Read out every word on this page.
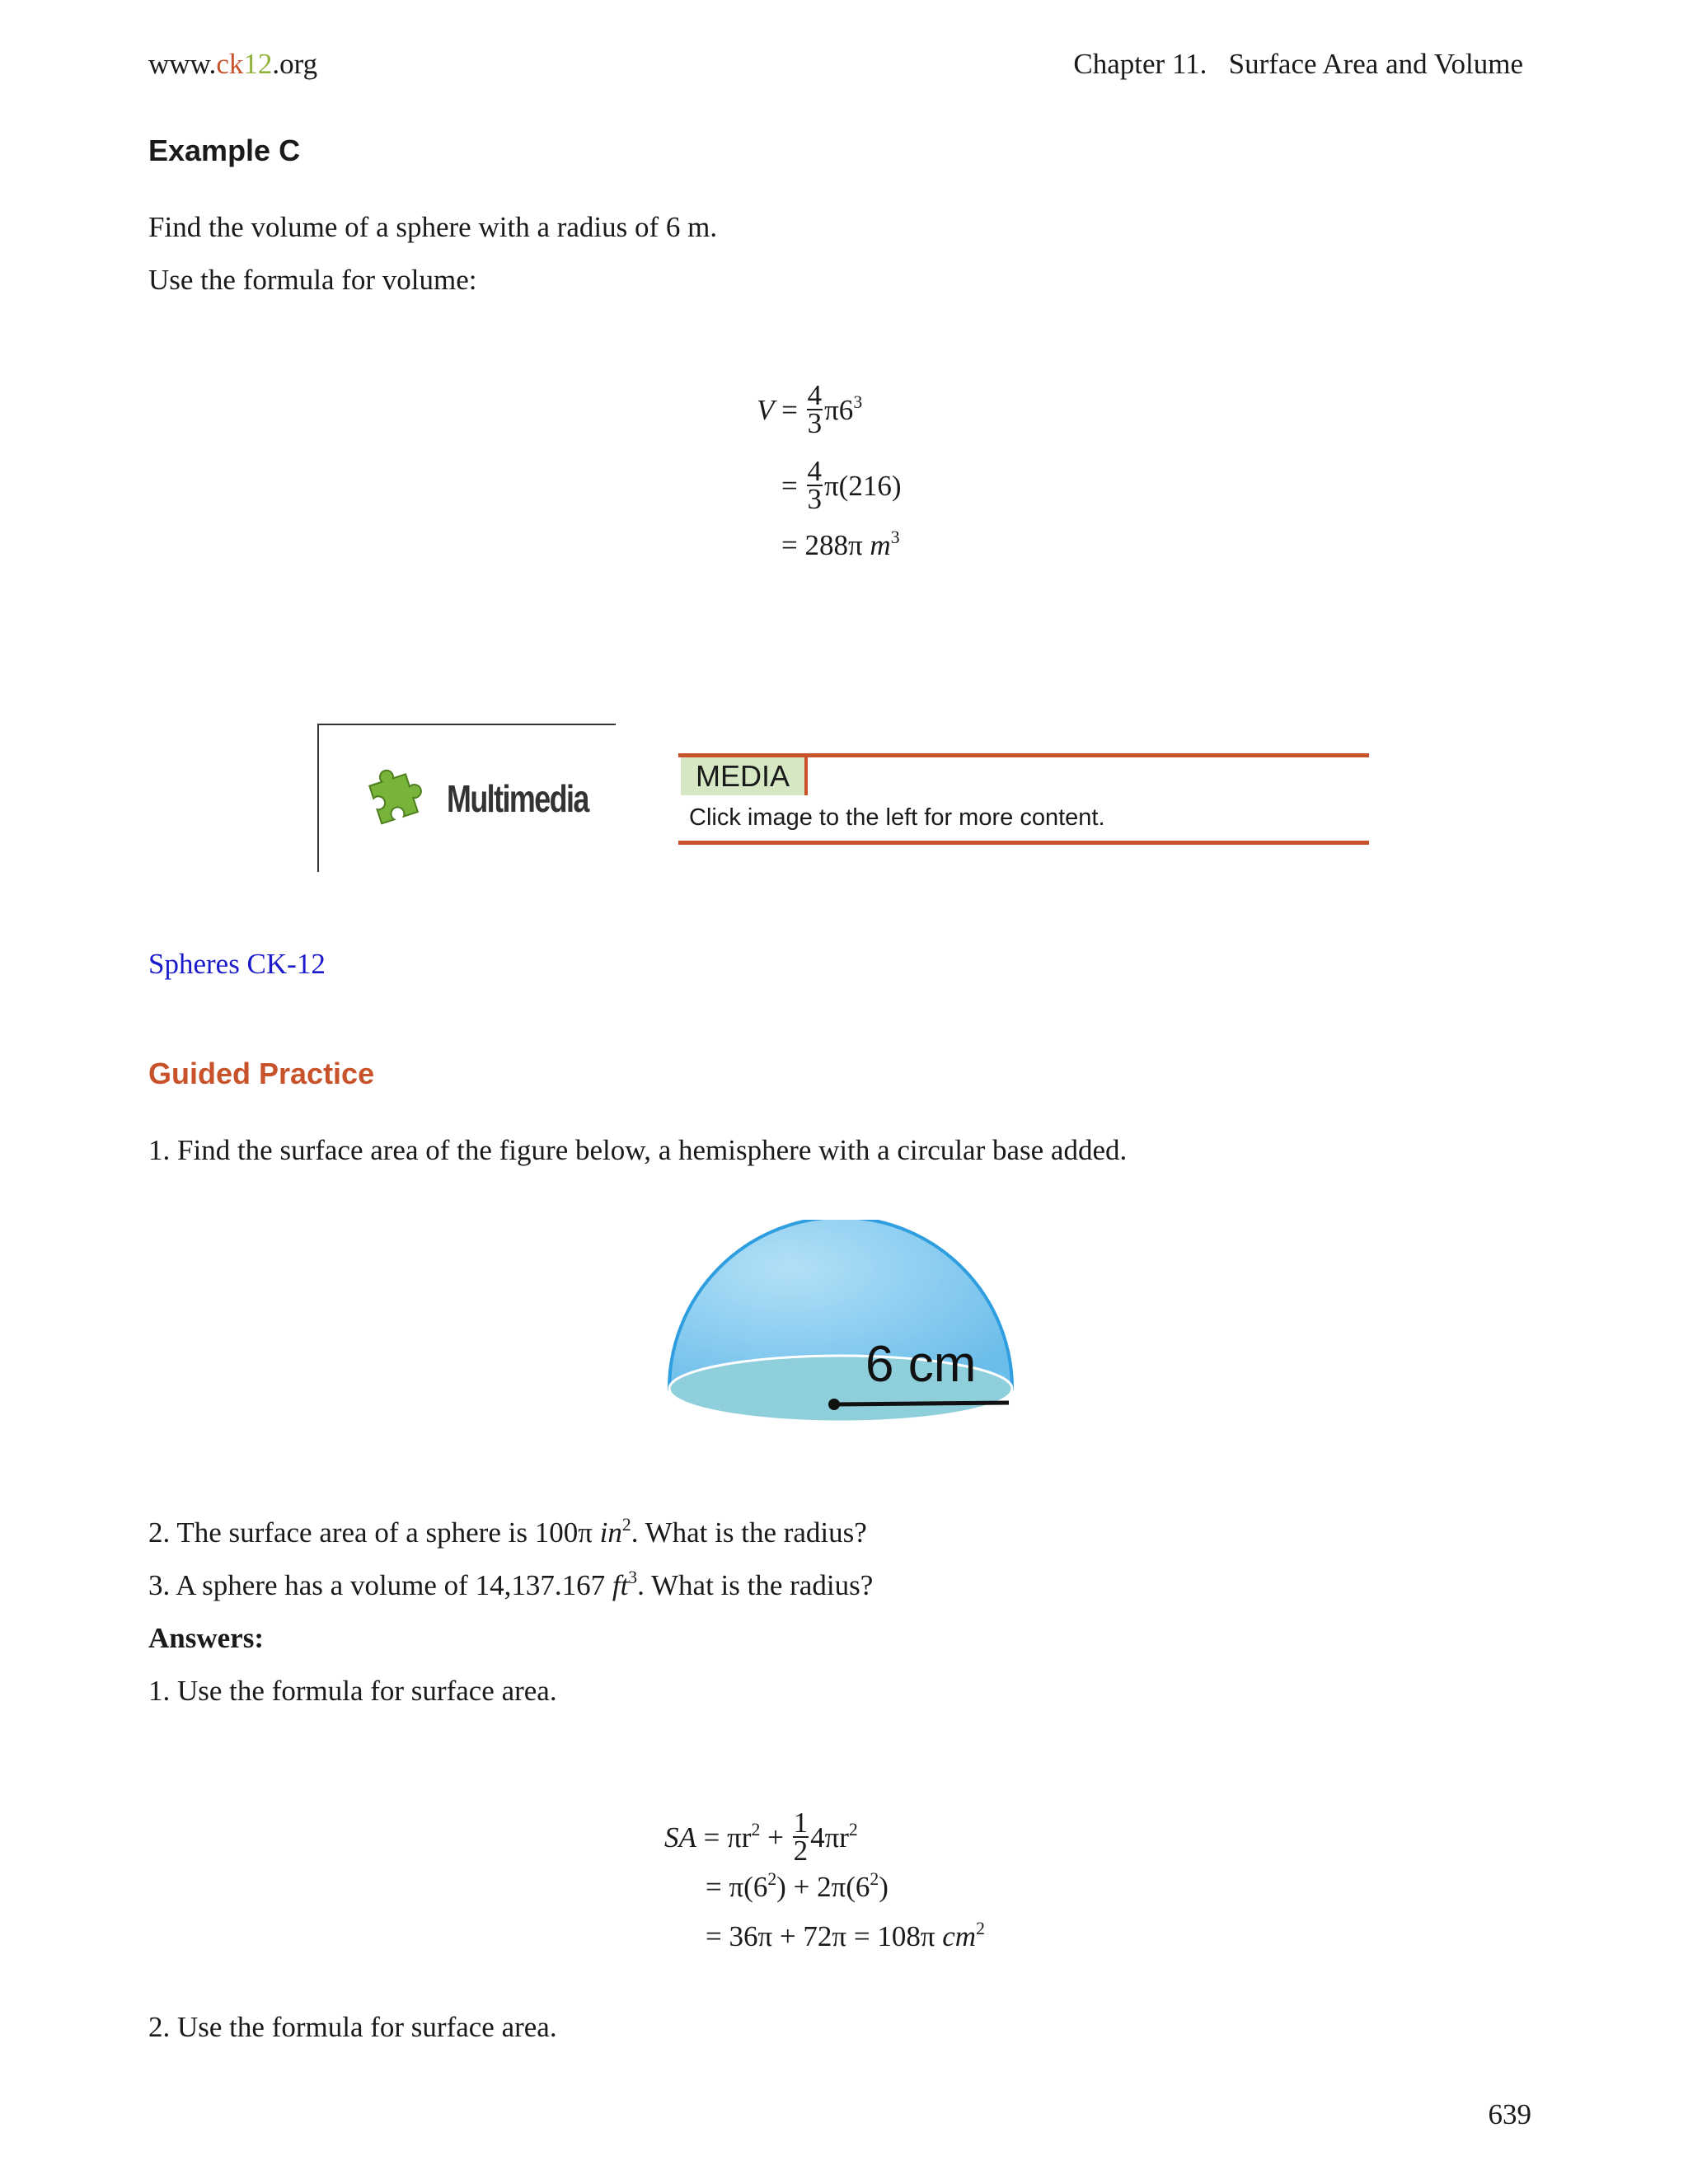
www.ck12.org	Chapter 11. Surface Area and Volume
Example C
Find the volume of a sphere with a radius of 6 m.
Use the formula for volume:
$V = \frac{4}{3} \pi 6^3$
= $\frac{4}{3} \pi(216)$
= 288π $m^3$
Multimedia
MEDIA
Click image to the left for more content.
Spheres CK-12
Guided Practice
1. Find the surface area of the figure below, a hemisphere with a circular base added.
6 cm
2. The surface area of a sphere is 100π $in^2$. What is the radius?
3. A sphere has a volume of 14,137.167 $ft^3$. What is the radius?
Answers:
1. Use the formula for surface area.
SA = $\pi r^2 + \frac{1}{2} 4\pi r^2$
= $\pi(6^2) + 2\pi(6^2)$
= 36π + 72π = 108π $cm^2$
2. Use the formula for surface area.
639
